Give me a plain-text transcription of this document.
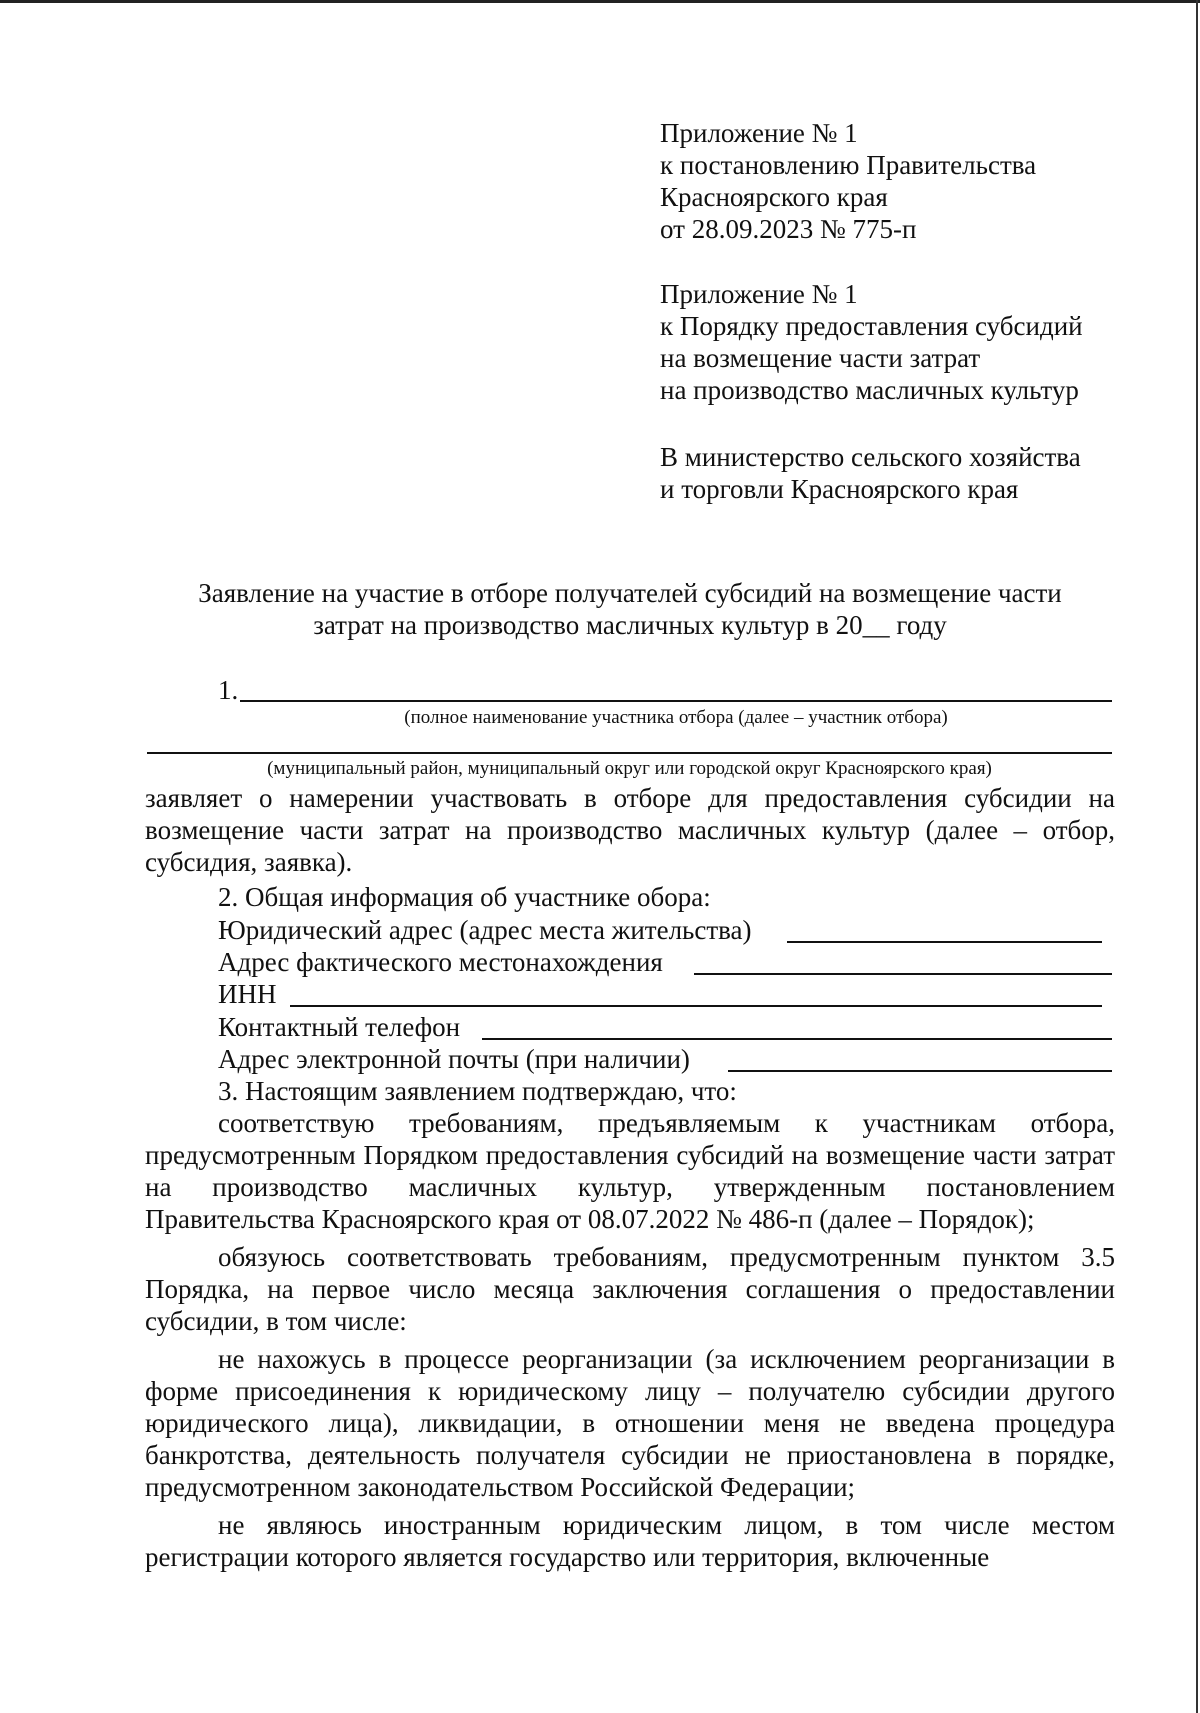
Приложение № 1
к постановлению Правительства
Красноярского края
от 28.09.2023 № 775-п
Приложение № 1
к Порядку предоставления субсидий
на возмещение части затрат
на производство масличных культур
В министерство сельского хозяйства
и торговли Красноярского края
Заявление на участие в отборе получателей субсидий на возмещение части
затрат на производство масличных культур в 20__ году
1.
(полное наименование участника отбора (далее – участник отбора)
(муниципальный район, муниципальный округ или городской округ Красноярского края)
заявляет о намерении участвовать в отборе для предоставления субсидии на возмещение части затрат на производство масличных культур (далее – отбор, субсидия, заявка).
2. Общая информация об участнике обора:
Юридический адрес (адрес места жительства)
Адрес фактического местонахождения
ИНН
Контактный телефон
Адрес электронной почты (при наличии)
3. Настоящим заявлением подтверждаю, что:
соответствую требованиям, предъявляемым к участникам отбора, предусмотренным Порядком предоставления субсидий на возмещение части затрат на производство масличных культур, утвержденным постановлением Правительства Красноярского края от 08.07.2022 № 486-п (далее – Порядок);
обязуюсь соответствовать требованиям, предусмотренным пунктом 3.5 Порядка, на первое число месяца заключения соглашения о предоставлении субсидии, в том числе:
не нахожусь в процессе реорганизации (за исключением реорганизации в форме присоединения к юридическому лицу – получателю субсидии другого юридического лица), ликвидации, в отношении меня не введена процедура банкротства, деятельность получателя субсидии не приостановлена в порядке, предусмотренном законодательством Российской Федерации;
не являюсь иностранным юридическим лицом, в том числе местом регистрации которого является государство или территория, включенные
